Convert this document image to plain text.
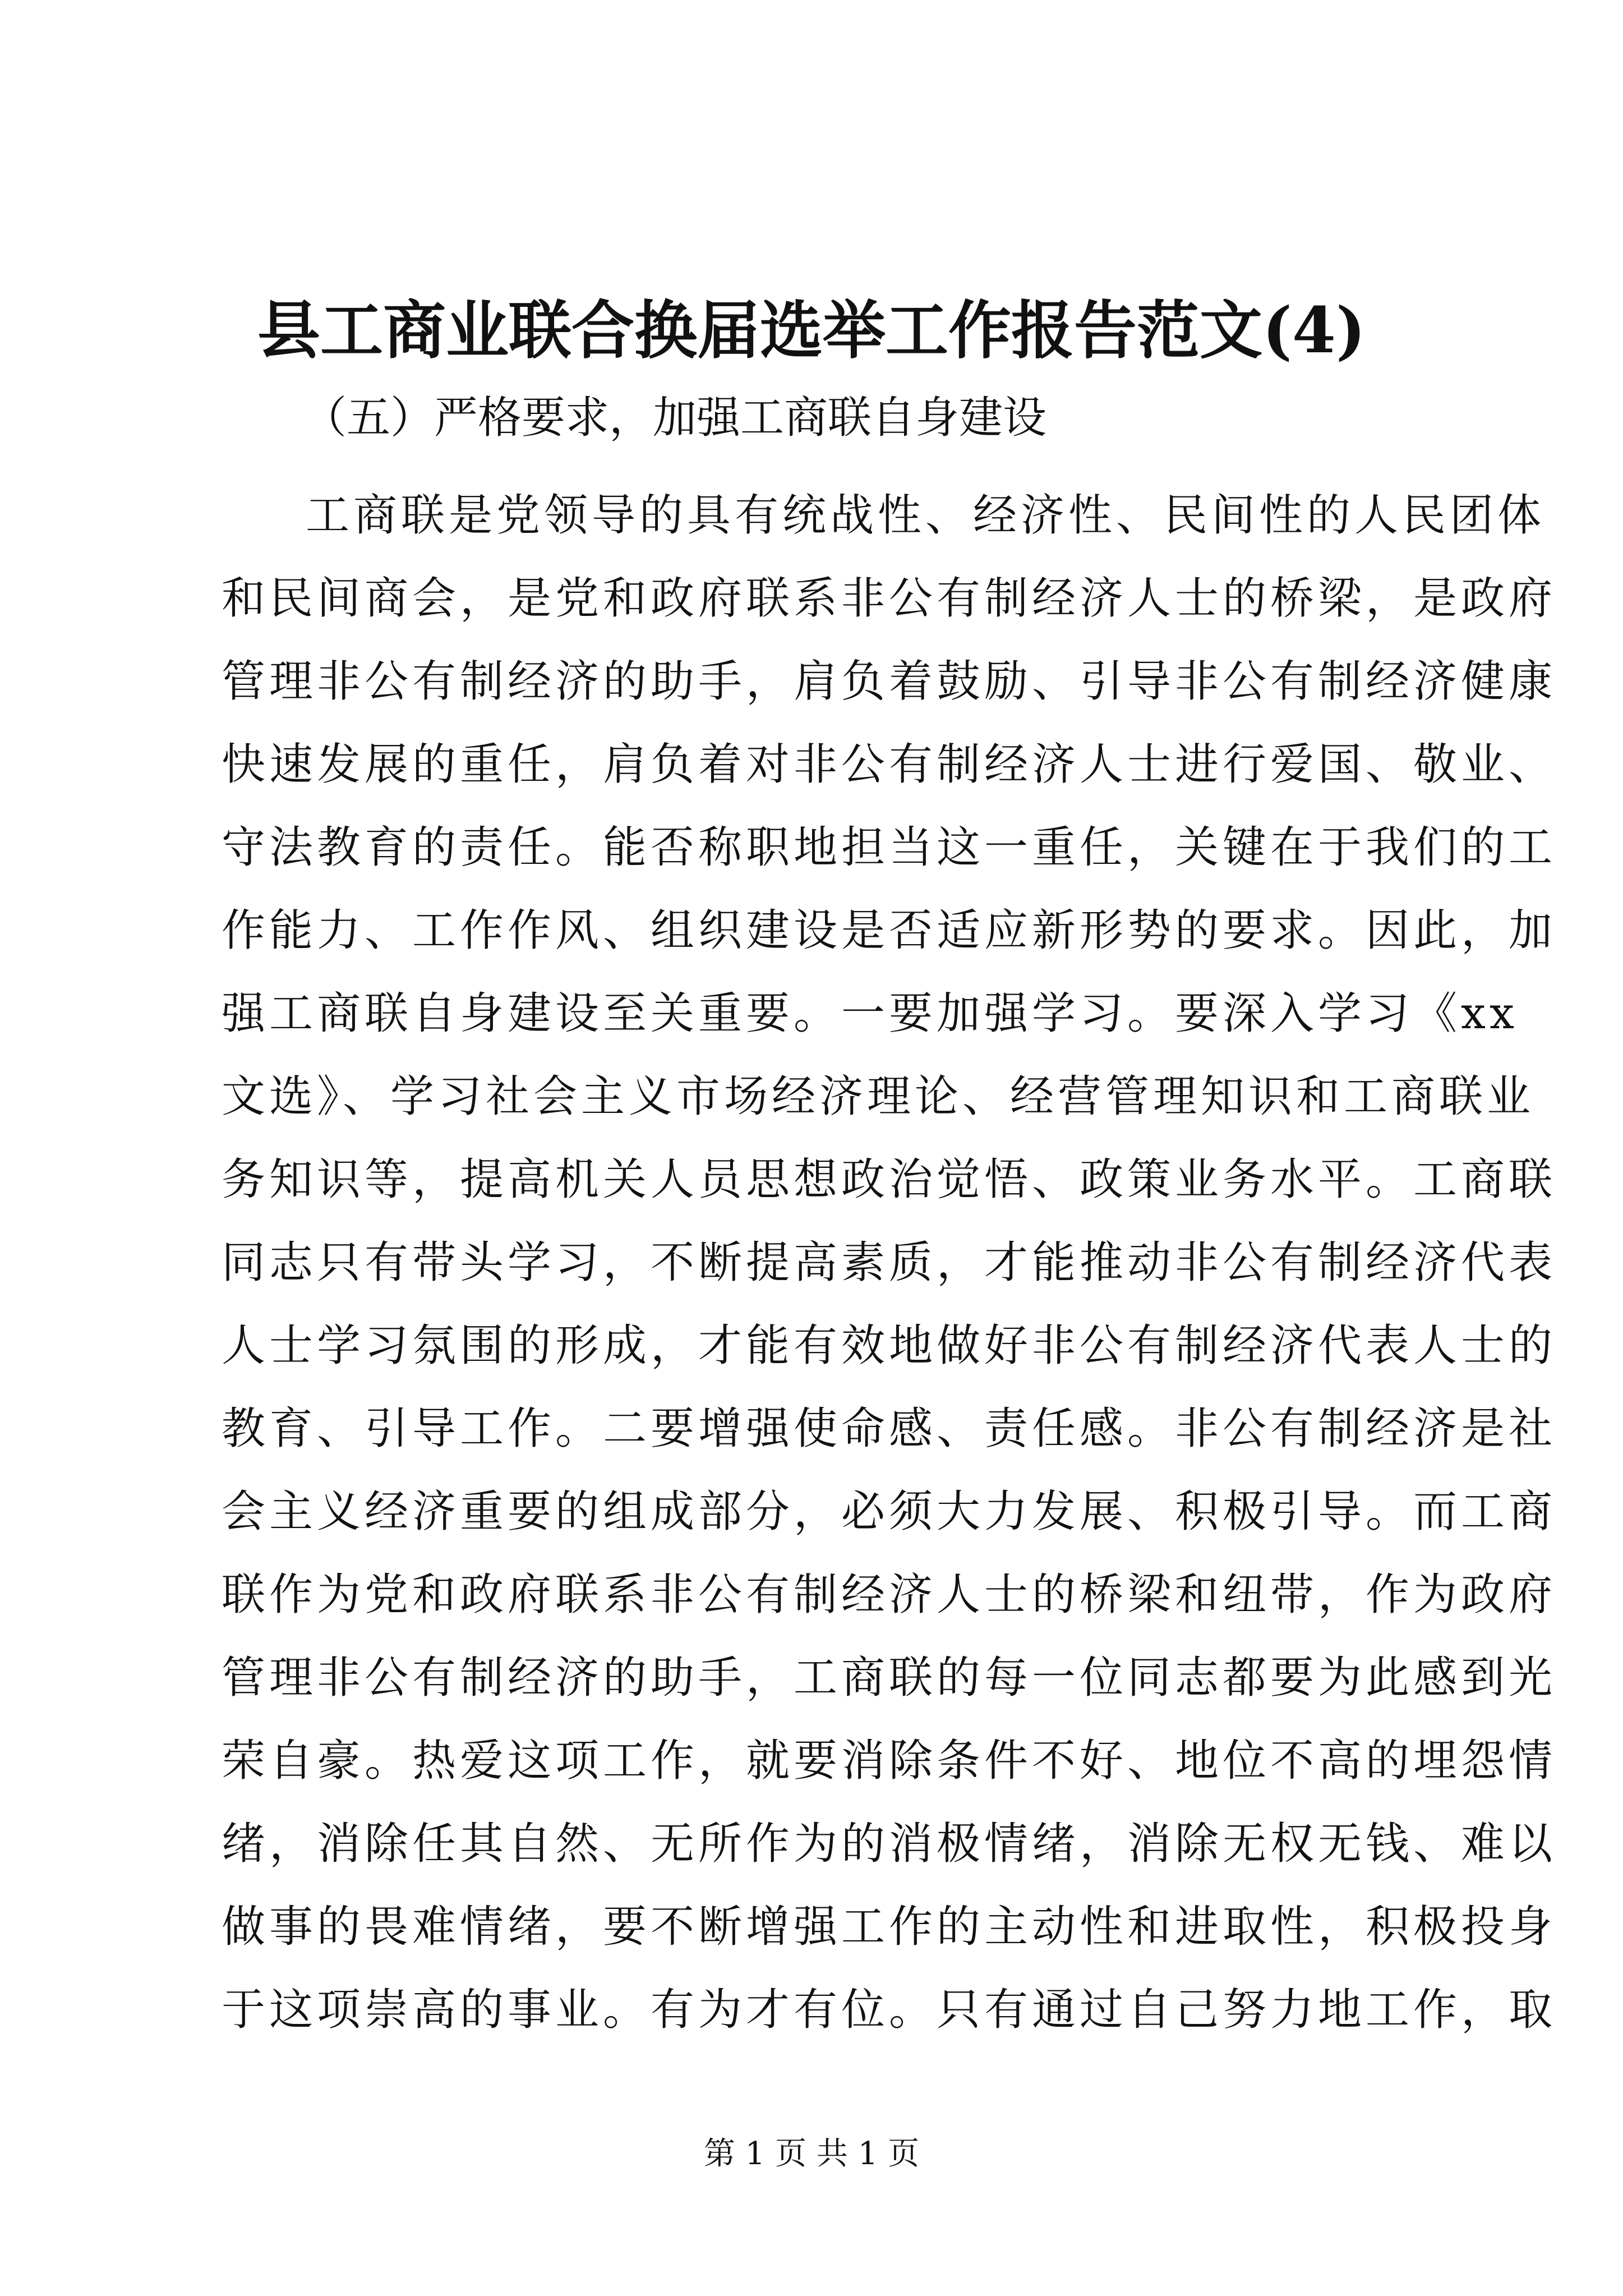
县工商业联合换届选举工作报告范文(4)

（五）严格要求，加强工商联自身建设

工商联是党领导的具有统战性、经济性、民间性的人民团体
和民间商会，是党和政府联系非公有制经济人士的桥梁，是政府
管理非公有制经济的助手，肩负着鼓励、引导非公有制经济健康
快速发展的重任，肩负着对非公有制经济人士进行爱国、敬业、
守法教育的责任。能否称职地担当这一重任，关键在于我们的工
作能力、工作作风、组织建设是否适应新形势的要求。因此，加
强工商联自身建设至关重要。一要加强学习。要深入学习《xx
文选》、学习社会主义市场经济理论、经营管理知识和工商联业
务知识等，提高机关人员思想政治觉悟、政策业务水平。工商联
同志只有带头学习，不断提高素质，才能推动非公有制经济代表
人士学习氛围的形成，才能有效地做好非公有制经济代表人士的
教育、引导工作。二要增强使命感、责任感。非公有制经济是社
会主义经济重要的组成部分，必须大力发展、积极引导。而工商
联作为党和政府联系非公有制经济人士的桥梁和纽带，作为政府
管理非公有制经济的助手，工商联的每一位同志都要为此感到光
荣自豪。热爱这项工作，就要消除条件不好、地位不高的埋怨情
绪，消除任其自然、无所作为的消极情绪，消除无权无钱、难以
做事的畏难情绪，要不断增强工作的主动性和进取性，积极投身
于这项崇高的事业。有为才有位。只有通过自己努力地工作，取
第 1 页 共 1 页
